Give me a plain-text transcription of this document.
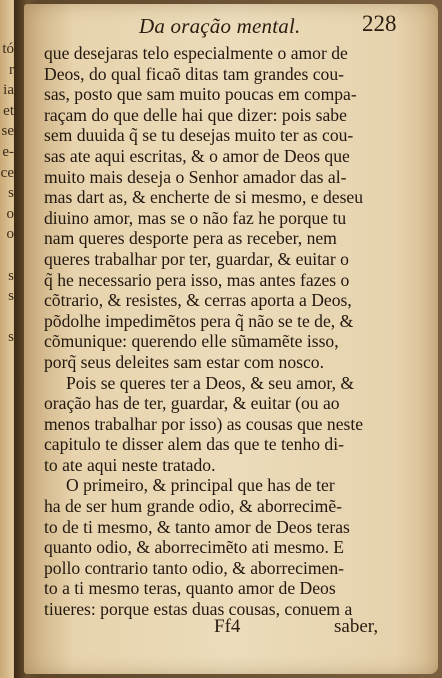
tó
r
ia
et
se
e-
ce
s
o
o
s
s
s
Da oração mental.	228
que desejaras telo especialmente o amor de
Deos, do qual ficaõ ditas tam grandes cou-
sas, posto que sam muito poucas em compa-
raçam do que delle hai que dizer: pois sabe
sem duuida q̃ se tu desejas muito ter as cou-
sas ate aqui escritas, & o amor de Deos que
muito mais deseja o Senhor amador das al-
mas dart as, & encherte de si mesmo, e deseu
diuino amor, mas se o não faz he porque tu
nam queres desporte pera as receber, nem
queres trabalhar por ter, guardar, & euitar o
q̃ he necessario pera isso, mas antes fazes o
cõtrario, & resistes, & cerras aporta a Deos,
põdolhe impedimẽtos pera q̃ não se te de, &
cõmunique: querendo elle sũmamẽte isso,
porq̃ seus deleites sam estar com nosco.
Pois se queres ter a Deos, & seu amor, &
oração has de ter, guardar, & euitar (ou ao
menos trabalhar por isso) as cousas que neste
capitulo te disser alem das que te tenho di-
to ate aqui neste tratado.
O primeiro, & principal que has de ter
ha de ser hum grande odio, & aborrecimẽ-
to de ti mesmo, & tanto amor de Deos teras
quanto odio, & aborrecimẽto ati mesmo. E
pollo contrario tanto odio, & aborrecimen-
to a ti mesmo teras, quanto amor de Deos
tiueres: porque estas duas cousas, conuem a
Ff4	saber,
